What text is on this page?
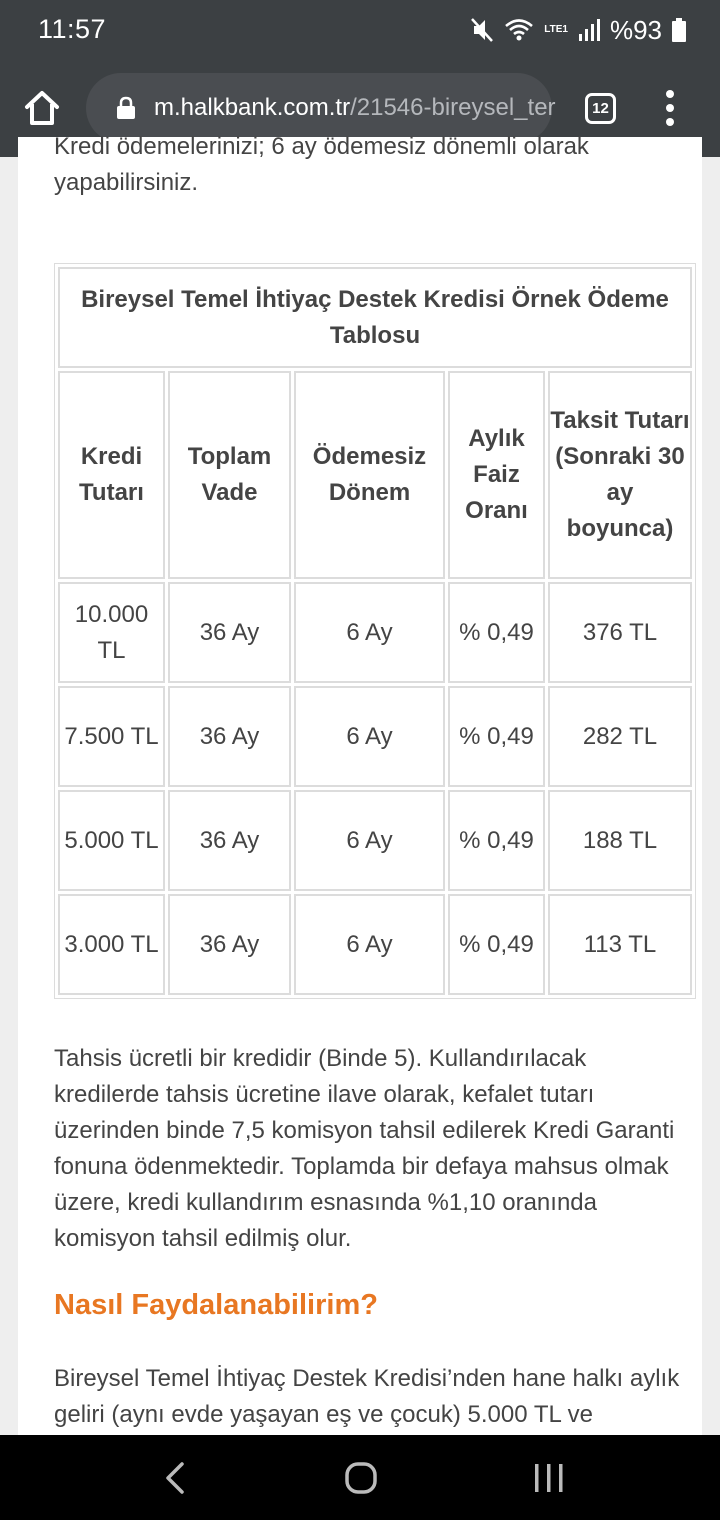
11:57	LTE1 %93
m.halkbank.com.tr/21546-bireysel_ter 12

Kredi ödemelerinizi; 6 ay ödemesiz dönemli olarak yapabilirsiniz.

Bireysel Temel İhtiyaç Destek Kredisi Örnek Ödeme Tablosu				
Kredi Tutarı	Toplam Vade	Ödemesiz Dönem	Aylık Faiz Oranı	Taksit Tutarı (Sonraki 30 ay boyunca)
10.000 TL	36 Ay	6 Ay	% 0,49	376 TL
7.500 TL	36 Ay	6 Ay	% 0,49	282 TL
5.000 TL	36 Ay	6 Ay	% 0,49	188 TL
3.000 TL	36 Ay	6 Ay	% 0,49	113 TL

Tahsis ücretli bir kredidir (Binde 5). Kullandırılacak kredilerde tahsis ücretine ilave olarak, kefalet tutarı üzerinden binde 7,5 komisyon tahsil edilerek Kredi Garanti fonuna ödenmektedir. Toplamda bir defaya mahsus olmak üzere, kredi kullandırım esnasında %1,10 oranında komisyon tahsil edilmiş olur.

Nasıl Faydalanabilirim?

Bireysel Temel İhtiyaç Destek Kredisi’nden hane halkı aylık geliri (aynı evde yaşayan eş ve çocuk) 5.000 TL ve
